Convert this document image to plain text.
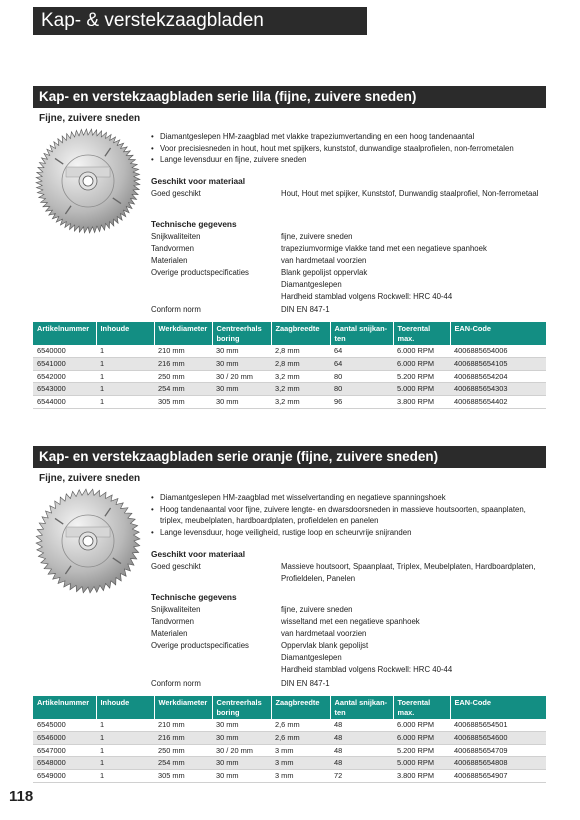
Kap- & verstekzaagbladen
Kap- en verstekzaagbladen serie lila (fijne, zuivere sneden)
Fijne, zuivere sneden
• Diamantgeslepen HM-zaagblad met vlakke trapeziumvertanding en een hoog tandenaantal
• Voor precisiesneden in hout, hout met spijkers, kunststof, dunwandige staalprofielen, non-ferrometalen
• Lange levensduur en fijne, zuivere sneden
Geschikt voor materiaal
Goed geschikt	Hout, Hout met spijker, Kunststof, Dunwandig staalprofiel, Non-ferrometaal
Technische gegevens
Snijkwaliteiten	fijne, zuivere sneden
Tandvormen	trapeziumvormige vlakke tand met een negatieve spanhoek
Materialen	van hardmetaal voorzien
Overige productspecificaties	Blank gepolijst oppervlak
Diamantgeslepen
Hardheid stamblad volgens Rockwell: HRC 40-44
Conform norm	DIN EN 847-1
Artikelnummer	Inhoude	Werkdiameter	Centreerhals boring	Zaagbreedte	Aantal snijkan-ten	Toerental max.	EAN-Code
6540000	1	210 mm	30 mm	2,8 mm	64	6.000 RPM	4006885654006
6541000	1	216 mm	30 mm	2,8 mm	64	6.000 RPM	4006885654105
6542000	1	250 mm	30 / 20 mm	3,2 mm	80	5.200 RPM	4006885654204
6543000	1	254 mm	30 mm	3,2 mm	80	5.000 RPM	4006885654303
6544000	1	305 mm	30 mm	3,2 mm	96	3.800 RPM	4006885654402
Kap- en verstekzaagbladen serie oranje (fijne, zuivere sneden)
Fijne, zuivere sneden
• Diamantgeslepen HM-zaagblad met wisselvertanding en negatieve spanningshoek
• Hoog tandenaantal voor fijne, zuivere lengte- en dwarsdoorsneden in massieve houtsoorten, spaanplaten, triplex, meubelplaten, hardboardplaten, profieldelen en panelen
• Lange levensduur, hoge veiligheid, rustige loop en scheurvrije snijranden
Geschikt voor materiaal
Goed geschikt	Massieve houtsoort, Spaanplaat, Triplex, Meubelplaten, Hardboardplaten, Profieldelen, Panelen
Technische gegevens
Snijkwaliteiten	fijne, zuivere sneden
Tandvormen	wisseltand met een negatieve spanhoek
Materialen	van hardmetaal voorzien
Overige productspecificaties	Oppervlak blank gepolijst
Diamantgeslepen
Hardheid stamblad volgens Rockwell: HRC 40-44
Conform norm	DIN EN 847-1
Artikelnummer	Inhoude	Werkdiameter	Centreerhals boring	Zaagbreedte	Aantal snijkan-ten	Toerental max.	EAN-Code
6545000	1	210 mm	30 mm	2,6 mm	48	6.000 RPM	4006885654501
6546000	1	216 mm	30 mm	2,6 mm	48	6.000 RPM	4006885654600
6547000	1	250 mm	30 / 20 mm	3 mm	48	5.200 RPM	4006885654709
6548000	1	254 mm	30 mm	3 mm	48	5.000 RPM	4006885654808
6549000	1	305 mm	30 mm	3 mm	72	3.800 RPM	4006885654907
118
